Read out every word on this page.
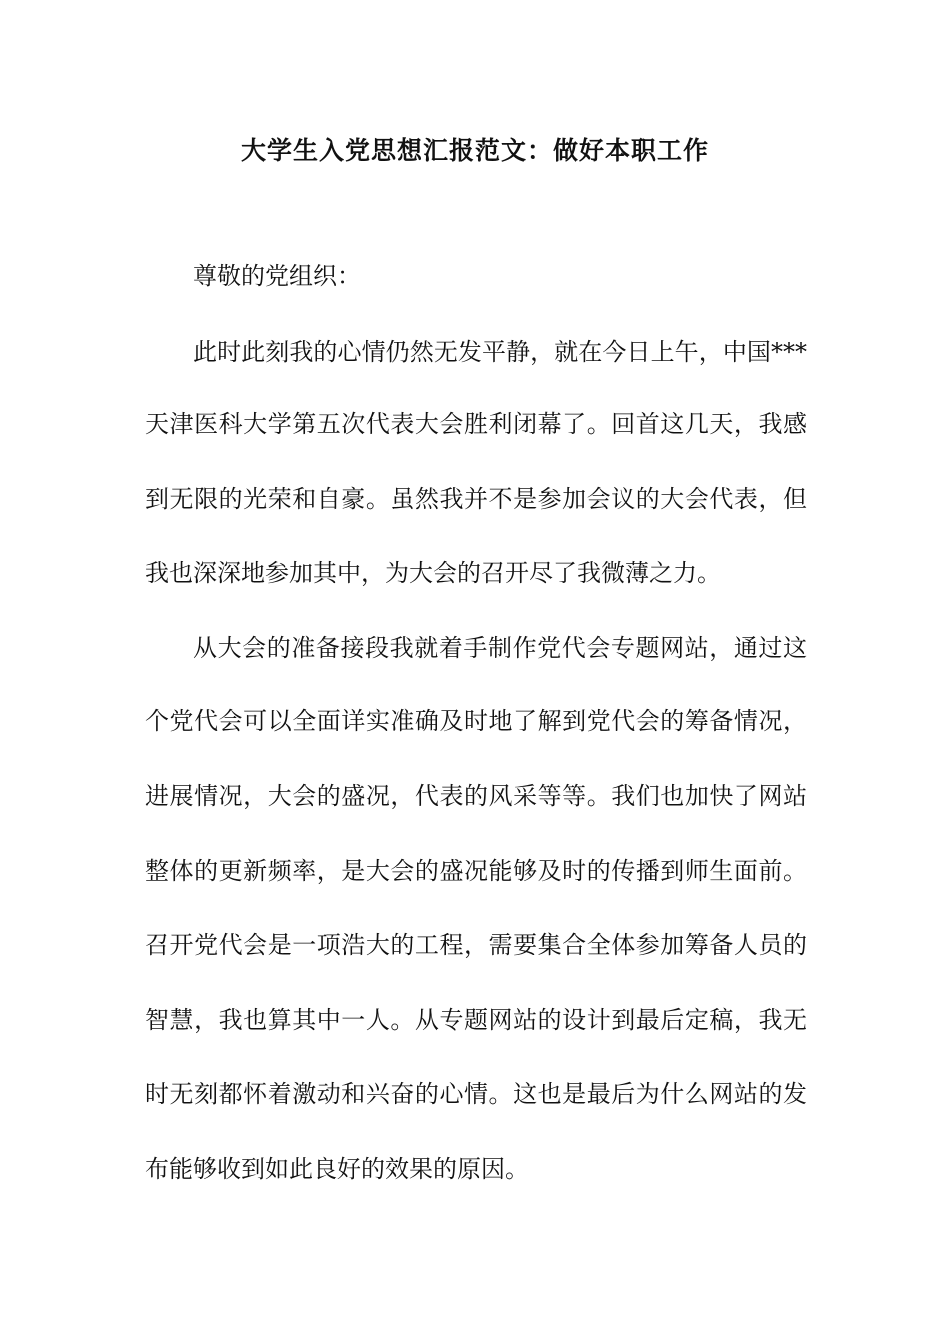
大学生入党思想汇报范文：做好本职工作
尊敬的党组织：
此时此刻我的心情仍然无发平静，就在今日上午，中国***
天津医科大学第五次代表大会胜利闭幕了。回首这几天，我感
到无限的光荣和自豪。虽然我并不是参加会议的大会代表，但
我也深深地参加其中，为大会的召开尽了我微薄之力。
从大会的准备接段我就着手制作党代会专题网站，通过这
个党代会可以全面详实准确及时地了解到党代会的筹备情况，
进展情况，大会的盛况，代表的风采等等。我们也加快了网站
整体的更新频率，是大会的盛况能够及时的传播到师生面前。
召开党代会是一项浩大的工程，需要集合全体参加筹备人员的
智慧，我也算其中一人。从专题网站的设计到最后定稿，我无
时无刻都怀着激动和兴奋的心情。这也是最后为什么网站的发
布能够收到如此良好的效果的原因。
